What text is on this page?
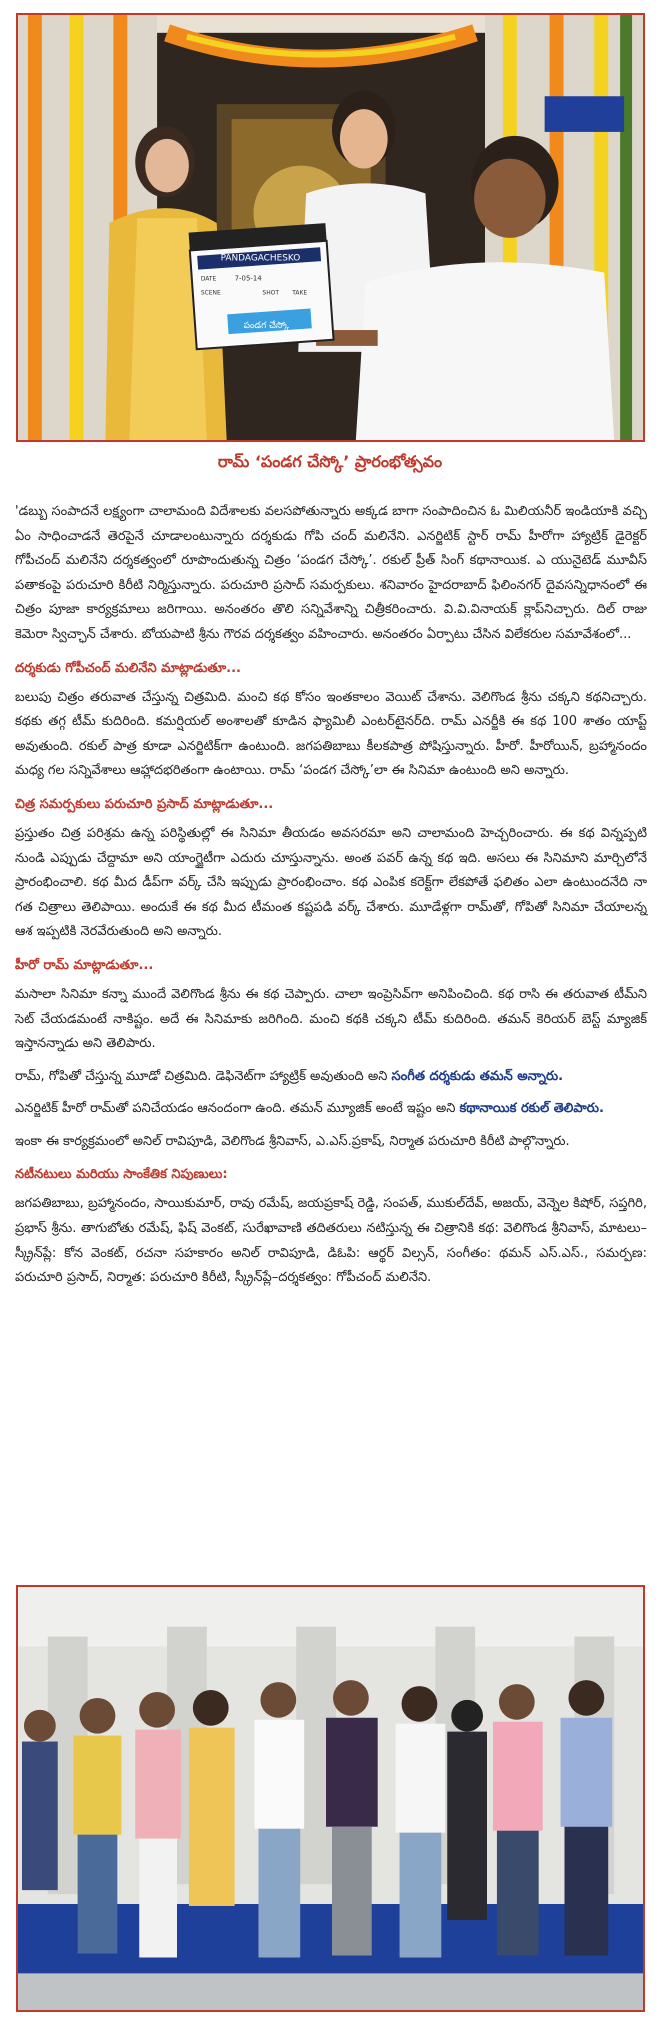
PANDAGACHESKO
DATE
SCENE	SHOT TAKE
7-05-14
పండగ చేస్కో
రామ్ ‘పండగ చేస్కో’ ప్రారంభోత్సవం

'డబ్బు సంపాదనే లక్ష్యంగా చాలామంది విదేశాలకు వలసపోతున్నారు అక్కడ బాగా సంపాదించిన ఓ మిలియనీర్ ఇండియాకి వచ్చి ఏం సాధించాడనే తెరపైనే చూడాలంటున్నారు దర్శకుడు గోపి చంద్ మలినేని. ఎనర్జిటిక్ స్టార్ రామ్ హీరోగా హ్యాట్రిక్ డైరెక్టర్ గోపీచంద్ మలినేని దర్శకత్వంలో రూపొందుతున్న చిత్రం ‘పండగ చేస్కో’. రకుల్ ప్రీత్ సింగ్ కథానాయిక. ఎ యునైటెడ్ మూవీస్ పతాకంపై పరుచూరి కిరీటి నిర్మిస్తున్నారు. పరుచూరి ప్రసాద్ సమర్పకులు. శనివారం హైదరాబాద్ ఫిలింనగర్ దైవసన్నిధానంలో ఈ చిత్రం పూజా కార్యక్రమాలు జరిగాయి. అనంతరం తొలి సన్నివేశాన్ని చిత్రీకరించారు. వి.వి.వినాయక్ క్లాప్‌నిచ్చారు. దిల్ రాజు కెమెరా స్విచ్ఛాన్ చేశారు. బోయపాటి శ్రీను గౌరవ దర్శకత్వం వహించారు. అనంతరం ఏర్పాటు చేసిన విలేకరుల సమావేశంలో...

దర్శకుడు గోపీచంద్ మలినేని మాట్లాడుతూ...

బలుపు చిత్రం తరువాత చేస్తున్న చిత్రమిది. మంచి కథ కోసం ఇంతకాలం వెయిట్ చేశాను. వెలిగొండ శ్రీను చక్కని కథనిచ్చారు. కథకు తగ్గ టీమ్ కుదిరింది. కమర్షియల్ అంశాలతో కూడిన ఫ్యామిలీ ఎంటర్‌టైనర్‌ది. రామ్ ఎనర్జీకి ఈ కథ 100 శాతం యాప్ట్ అవుతుంది. రకుల్ పాత్ర కూడా ఎనర్జిటిక్‌గా ఉంటుంది. జగపతిబాబు కీలకపాత్ర పోషిస్తున్నారు. హీరో. హీరోయిన్, బ్రహ్మానందం మధ్య గల సన్నివేశాలు ఆహ్లాదభరితంగా ఉంటాయి. రామ్ ‘పండగ చేస్కో’లా ఈ సినిమా ఉంటుంది అని అన్నారు.

చిత్ర సమర్పకులు పరుచూరి ప్రసాద్ మాట్లాడుతూ...

ప్రస్తుతం చిత్ర పరిశ్రమ ఉన్న పరిస్థితుల్లో ఈ సినిమా తీయడం అవసరమా అని చాలామంది హెచ్చరించారు. ఈ కథ విన్నప్పటి నుండి ఎప్పుడు చేద్దామా అని యాంగ్జైటీగా ఎదురు చూస్తున్నాను. అంత పవర్ ఉన్న కథ ఇది. అసలు ఈ సినిమాని మార్చిలోనే ప్రారంభించాలి. కథ మీద డీప్‌గా వర్క్ చేసి ఇప్పుడు ప్రారంభించాం. కథ ఎంపిక కరెక్ట్‌గా లేకపోతే ఫలితం ఎలా ఉంటుందనేది నా గత చిత్రాలు తెలిపాయి. అందుకే ఈ కథ మీద టీమంత కష్టపడి వర్క్ చేశారు. మూడేళ్లగా రామ్‌తో, గోపితో సినిమా చేయాలన్న ఆశ ఇప్పటికి నెరవేరుతుంది అని అన్నారు.

హీరో రామ్ మాట్లాడుతూ...

మసాలా సినిమా కన్నా ముందే వెలిగొండ శ్రీను ఈ కథ చెప్పారు. చాలా ఇంప్రెసివ్‌గా అనిపించింది. కథ రాసి ఈ తరువాత టీమ్‌ని సెట్ చేయడమంటే నాకిష్టం. అదే ఈ సినిమాకు జరిగింది. మంచి కథకి చక్కని టీమ్ కుదిరింది. తమన్ కెరియర్ బెస్ట్ మ్యాజిక్ ఇస్తానన్నాడు అని తెలిపారు.

రామ్, గోపితో చేస్తున్న మూడో చిత్రమిది. డెఫినెట్‌గా హ్యాట్రిక్ అవుతుంది అని సంగీత దర్శకుడు తమన్ అన్నారు.

ఎనర్జిటిక్ హీరో రామ్‌తో పనిచేయడం ఆనందంగా ఉంది. తమన్ మ్యూజిక్ అంటే ఇష్టం అని కథానాయిక రకుల్ తెలిపారు.

ఇంకా ఈ కార్యక్రమంలో అనిల్ రావిపూడి, వెలిగొండ శ్రీనివాస్, ఎ.ఎస్.ప్రకాష్, నిర్మాత పరుచూరి కిరీటి పాల్గొన్నారు.

నటీనటులు మరియు సాంకేతిక నిపుణులు:

జగపతిబాబు, బ్రహ్మానందం, సాయికుమార్, రావు రమేష్, జయప్రకాష్ రెడ్డి, సంపత్, ముకుల్‌దేవ్, అజయ్, వెన్నెల కిషోర్, సప్తగిరి, ప్రభాస్ శ్రీను. తాగుబోతు రమేష్, ఫిష్ వెంకట్, సురేఖావాణి తదితరులు నటిస్తున్న ఈ చిత్రానికి కథ: వెలిగొండ శ్రీనివాస్, మాటలు–స్క్రీన్‌ప్లే: కోన వెంకట్, రచనా సహకారం అనిల్ రావిపూడి, డిఓపి: ఆర్థర్ విల్సన్, సంగీతం: థమన్ ఎస్.ఎస్., సమర్పణ: పరుచూరి ప్రసాద్, నిర్మాత: పరుచూరి కిరీటి, స్క్రీన్‌ప్లే–దర్శకత్వం: గోపీచంద్ మలినేని.
